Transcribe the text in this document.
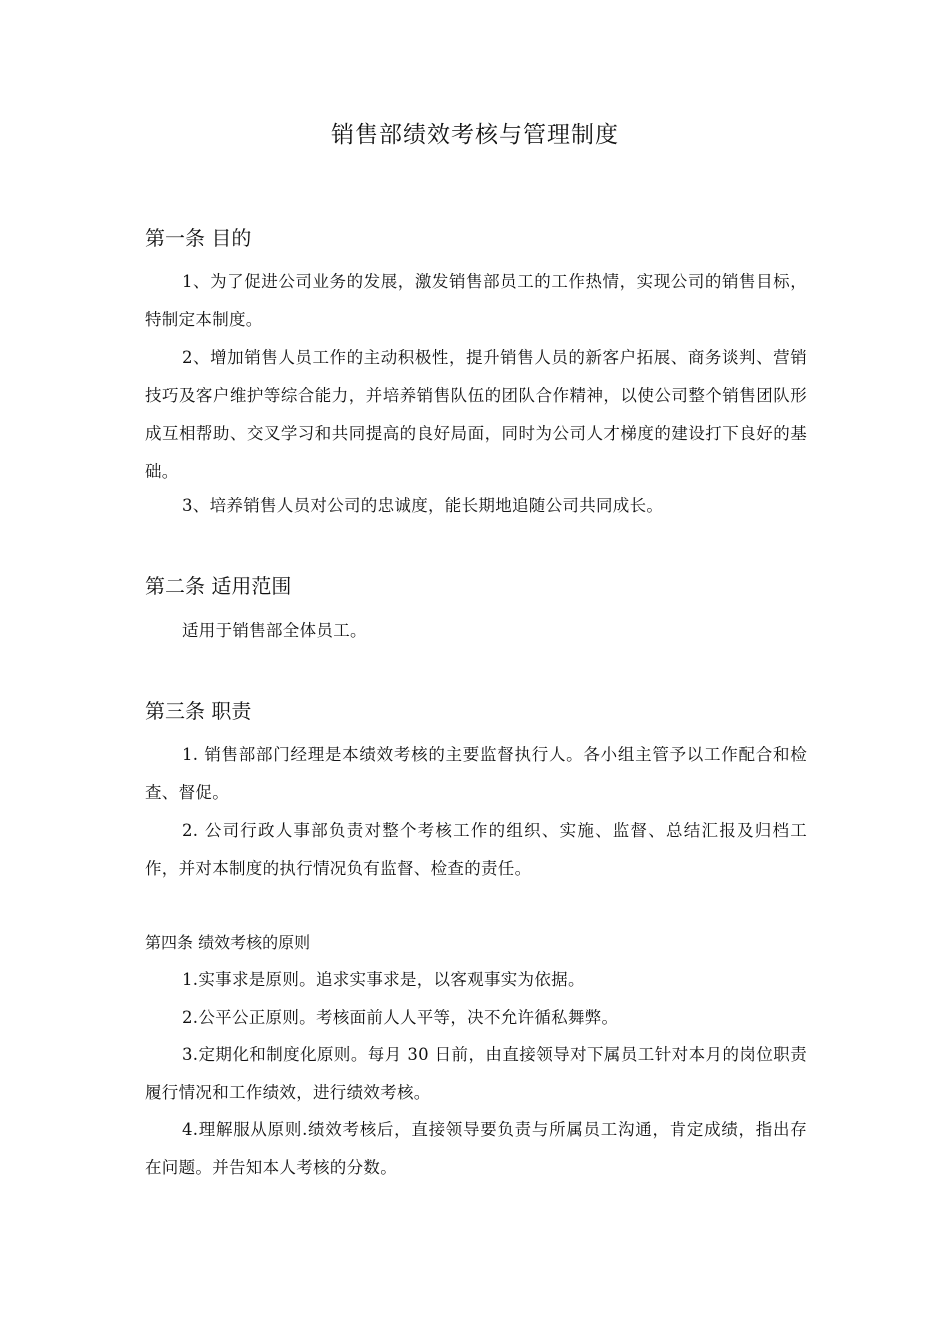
销售部绩效考核与管理制度
第一条 目的

1、为了促进公司业务的发展，激发销售部员工的工作热情，实现公司的销售目标，特制定本制度。

2、增加销售人员工作的主动积极性，提升销售人员的新客户拓展、商务谈判、营销技巧及客户维护等综合能力，并培养销售队伍的团队合作精神，以使公司整个销售团队形成互相帮助、交叉学习和共同提高的良好局面，同时为公司人才梯度的建设打下良好的基础。

3、培养销售人员对公司的忠诚度，能长期地追随公司共同成长。

第二条 适用范围

适用于销售部全体员工。

第三条 职责

1. 销售部部门经理是本绩效考核的主要监督执行人。各小组主管予以工作配合和检查、督促。

2. 公司行政人事部负责对整个考核工作的组织、实施、监督、总结汇报及归档工作，并对本制度的执行情况负有监督、检查的责任。

第四条 绩效考核的原则

1.实事求是原则。追求实事求是，以客观事实为依据。

2.公平公正原则。考核面前人人平等，决不允许循私舞弊。

3.定期化和制度化原则。每月 30 日前，由直接领导对下属员工针对本月的岗位职责履行情况和工作绩效，进行绩效考核。

4.理解服从原则.绩效考核后，直接领导要负责与所属员工沟通，肯定成绩，指出存在问题。并告知本人考核的分数。
